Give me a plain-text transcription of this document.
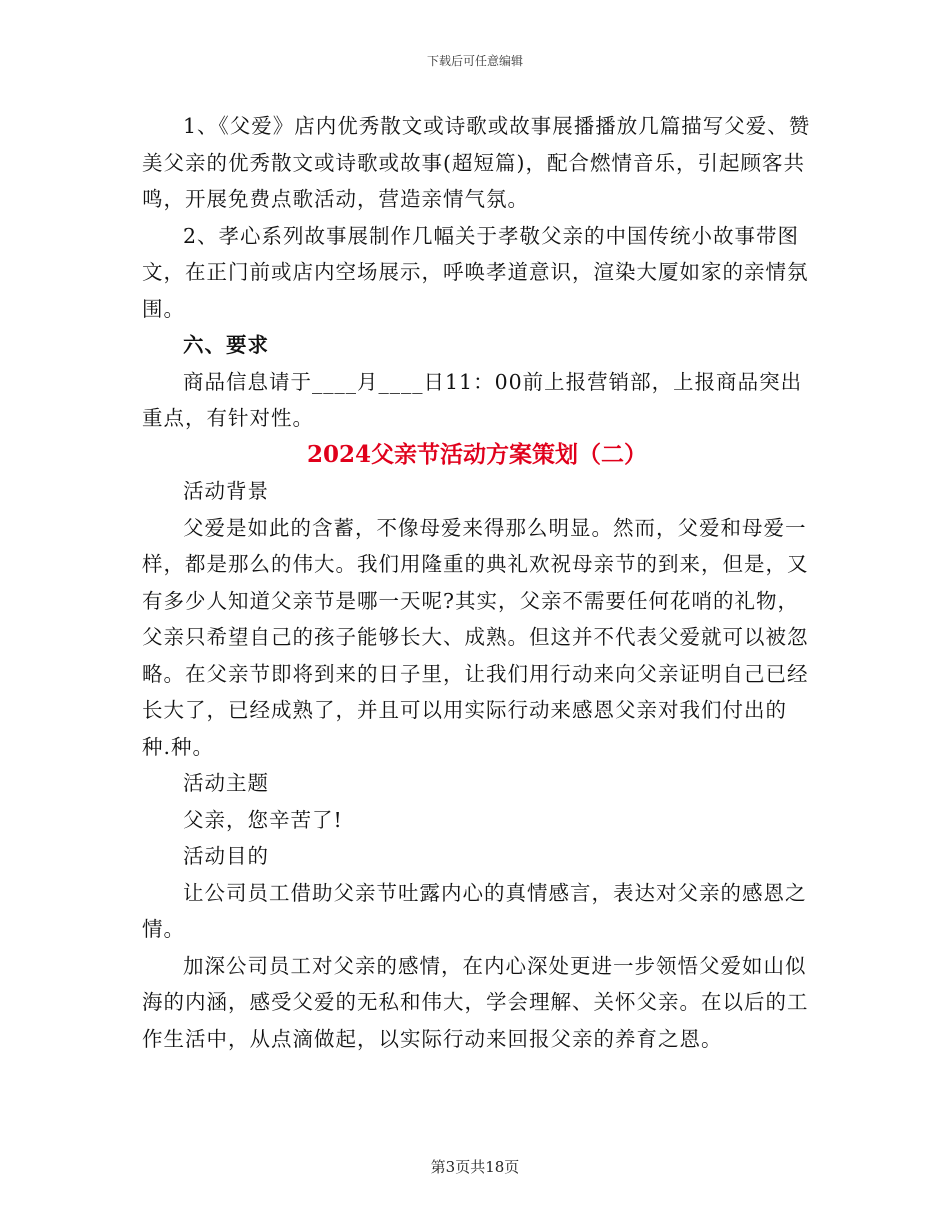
下载后可任意编辑

1、《父爱》店内优秀散文或诗歌或故事展播播放几篇描写父爱、赞美父亲的优秀散文或诗歌或故事(超短篇)，配合燃情音乐，引起顾客共鸣，开展免费点歌活动，营造亲情气氛。

2、孝心系列故事展制作几幅关于孝敬父亲的中国传统小故事带图文，在正门前或店内空场展示，呼唤孝道意识，渲染大厦如家的亲情氛围。

六、要求

商品信息请于____月____日11：00前上报营销部，上报商品突出重点，有针对性。

2024父亲节活动方案策划（二）

活动背景

父爱是如此的含蓄，不像母爱来得那么明显。然而，父爱和母爱一样，都是那么的伟大。我们用隆重的典礼欢祝母亲节的到来，但是，又有多少人知道父亲节是哪一天呢?其实，父亲不需要任何花哨的礼物，父亲只希望自己的孩子能够长大、成熟。但这并不代表父爱就可以被忽略。在父亲节即将到来的日子里，让我们用行动来向父亲证明自己已经长大了，已经成熟了，并且可以用实际行动来感恩父亲对我们付出的种.种。

活动主题

父亲，您辛苦了!

活动目的

让公司员工借助父亲节吐露内心的真情感言，表达对父亲的感恩之情。

加深公司员工对父亲的感情，在内心深处更进一步领悟父爱如山似海的内涵，感受父爱的无私和伟大，学会理解、关怀父亲。在以后的工作生活中，从点滴做起，以实际行动来回报父亲的养育之恩。

第3页共18页
